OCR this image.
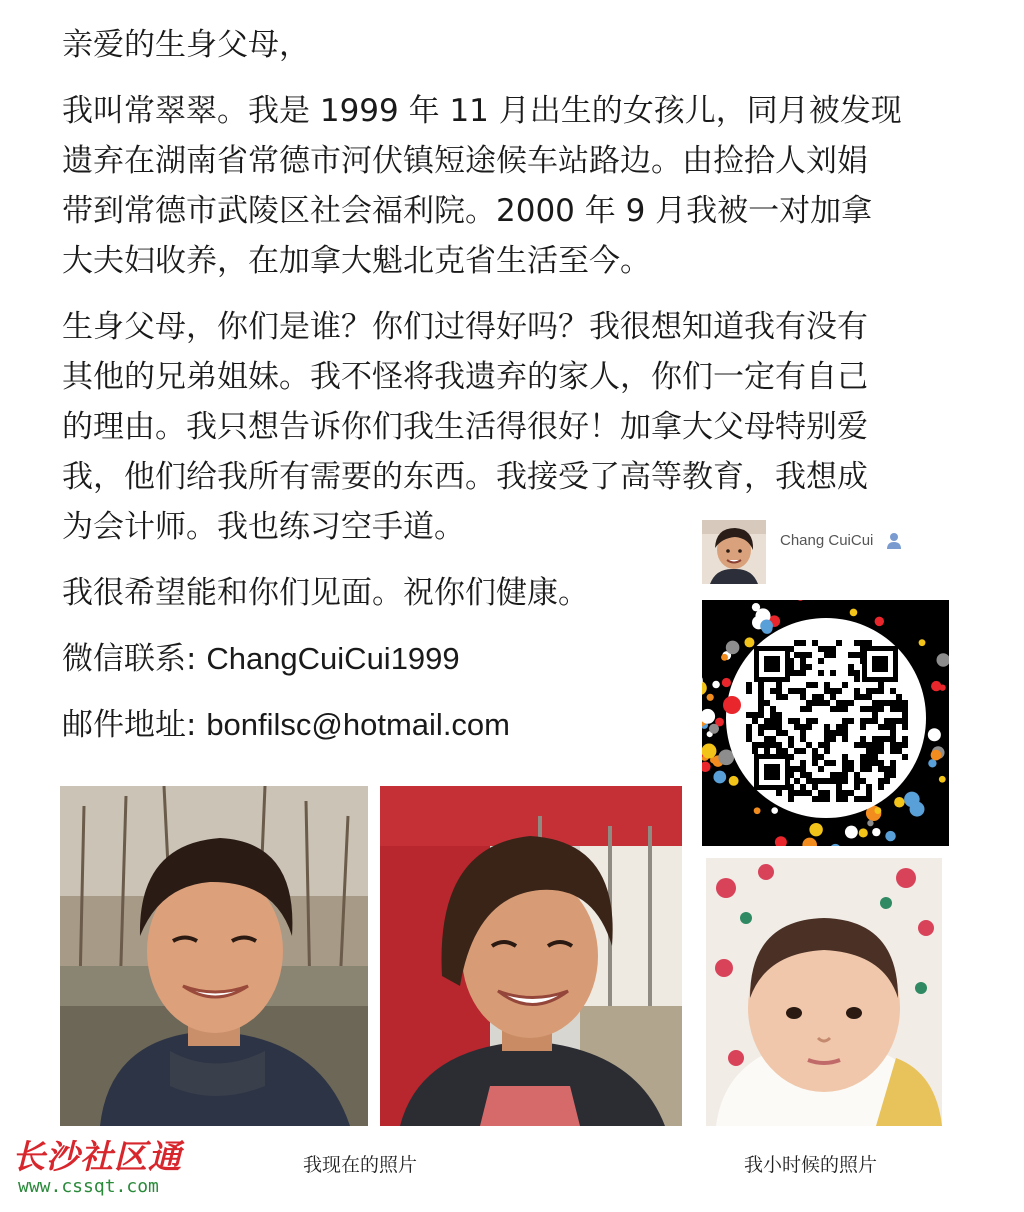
亲爱的生身父母，
我叫常翠翠。我是 1999 年 11 月出生的女孩儿，同月被发现
遗弃在湖南省常德市河伏镇短途候车站路边。由捡拾人刘娟
带到常德市武陵区社会福利院。2000 年 9 月我被一对加拿
大夫妇收养，在加拿大魁北克省生活至今。
生身父母，你们是谁？你们过得好吗？我很想知道我有没有
其他的兄弟姐妹。我不怪将我遗弃的家人，你们一定有自己
的理由。我只想告诉你们我生活得很好！加拿大父母特别爱
我，他们给我所有需要的东西。我接受了高等教育，我想成
为会计师。我也练习空手道。
我很希望能和你们见面。祝你们健康。
微信联系: ChangCuiCui1999
邮件地址: bonfilsc@hotmail.com
Chang CuiCui
我现在的照片	我小时候的照片
长沙社区通
www.cssqt.com
